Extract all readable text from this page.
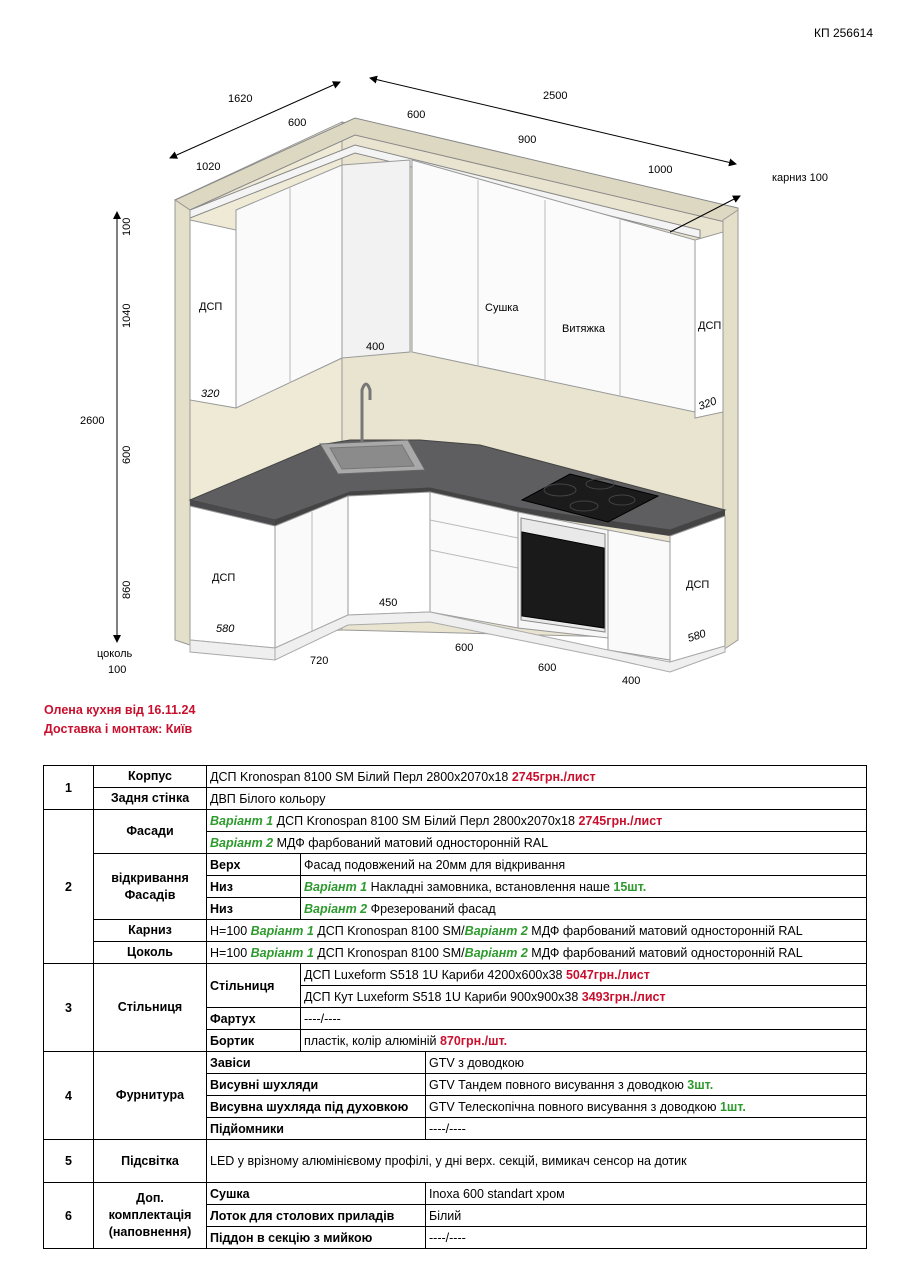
КП 256614
1620
600
1020
2500
600
900
1000
карниз 100
100
1040
2600
600
860
цоколь
100
ДСП
ДСП
ДСП
ДСП
Сушка
Витяжка
400
320
320
580	580
450
720
600
600
400
Олена кухня від 16.11.24
Доставка і монтаж: Київ
1	Корпус	ДСП Kronospan 8100 SM Білий Перл 2800х2070х18 2745грн./лист		
	Задня стінка	ДВП Білого кольору		
2	Фасади	Варіант 1 ДСП Kronospan 8100 SM Білий Перл 2800х2070х18 2745грн./лист		
		Варіант 2 МДФ фарбований матовий односторонній RAL		
	відкривання Фасадів	Верх	Фасад подовжений на 20мм для відкривання	
		Низ	Варіант 1 Накладні замовника, встановлення наше 15шт.	
		Низ	Варіант 2 Фрезерований фасад	
	Карниз	Н=100 Варіант 1 ДСП Kronospan 8100 SM/Варіант 2 МДФ фарбований матовий односторонній RAL		
	Цоколь	Н=100 Варіант 1 ДСП Kronospan 8100 SM/Варіант 2 МДФ фарбований матовий односторонній RAL		
3	Стільниця	Стільниця	ДСП Luxeform S518 1U Кариби 4200х600х38 5047грн./лист	
			ДСП Кут Luxeform S518 1U Кариби 900х900х38 3493грн./лист	
		Фартух	----/----	
		Бортик	пластік, колір алюміній 870грн./шт.	
4	Фурнитура	Завіси		GTV з доводкою
		Висувні шухляди		GTV Тандем повного висування з доводкою 3шт.
		Висувна шухляда під духовкою		GTV Телескопічна повного висування з доводкою 1шт.
		Підйомники		----/----
5	Підсвітка	LED у врізному алюмінієвому профілі, у дні верх. секцій, вимикач сенсор на дотик		
6	Доп. комплектація (наповнення)	Сушка		Inoxa 600 standart хром
		Лоток для столових приладів		Білий
		Піддон в секцію з мийкою		----/----
